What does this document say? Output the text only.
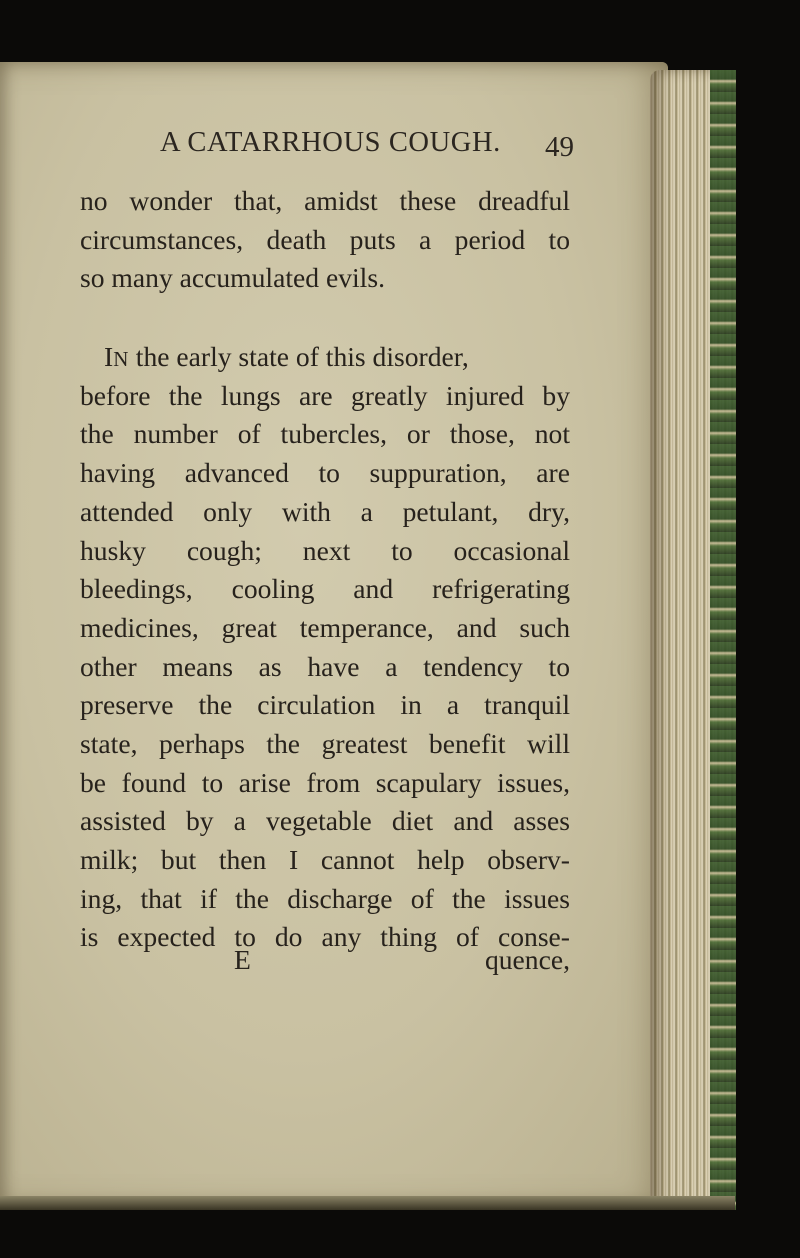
A CATARRHOUS COUGH. 49
no wonder that, amidst these dreadful
circumstances, death puts a period to
so many accumulated evils.
IN the early state of this disorder,
before the lungs are greatly injured by
the number of tubercles, or those, not
having advanced to suppuration, are
attended only with a petulant, dry,
husky cough; next to occasional
bleedings, cooling and refrigerating
medicines, great temperance, and such
other means as have a tendency to
preserve the circulation in a tranquil
state, perhaps the greatest benefit will
be found to arise from scapulary issues,
assisted by a vegetable diet and asses
milk; but then I cannot help observ-
ing, that if the discharge of the issues
is expected to do any thing of conse-
E	quence,
